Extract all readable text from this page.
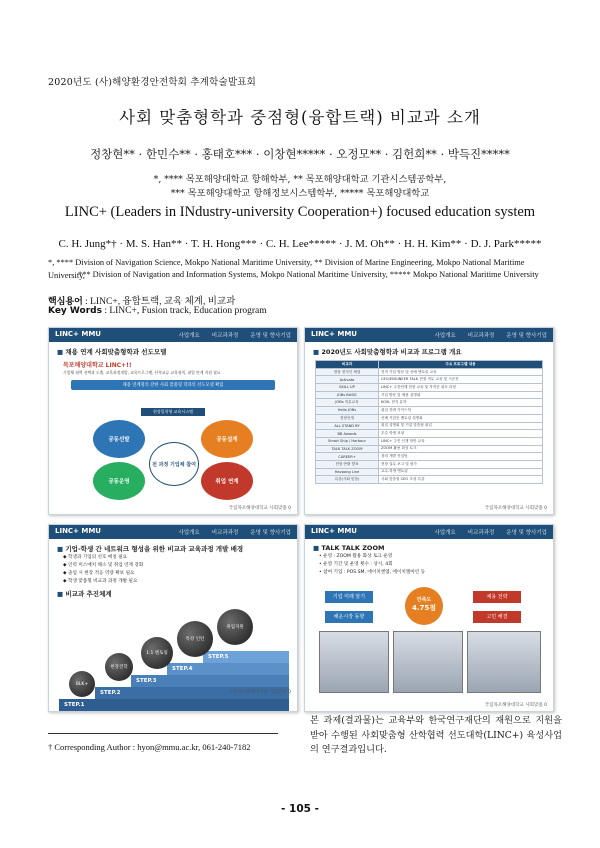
2020년도 (사)해양환경안전학회 추계학술발표회
사회 맞춤형학과 중점형(융합트랙) 비교과 소개
정창현** · 한민수** · 홍태호*** · 이창현***** · 오정모** · 김헌희** · 박득진*****
*, **** 목포해양대학교 항해학부, ** 목포해양대학교 기관시스템공학부,
*** 목포해양대학교 항해정보시스템학부, ***** 목포해양대학교
LINC+ (Leaders in INdustry-university Cooperation+) focused education system
C. H. Jung*† · M. S. Han** · T. H. Hong*** · C. H. Lee***** · J. M. Oh** · H. H. Kim** · D. J. Park*****
*, **** Division of Navigation Science, Mokpo National Maritime University, ** Division of Marine Engineering, Mokpo National Maritime University,
*** Division of Navigation and Information Systems, Mokpo National Maritime University, ***** Mokpo National Maritime University
핵심용어 : LINC+, 융합트랙, 교육 체계, 비교과
Key Words : LINC+, Fusion track, Education program
LINC+ MMU	사업개요 비교과과정 운영 및 향사기업
■ 채용 연계 사회맞춤형학과 선도모델
목포해양대학교 LINC+!!
기업체 협력 선택과 도출, 교육과정개발, 교육프로그램, 산학교류 교육협력, 취업 연계 지원 필요
채용 연계형의 강한 사회 맞춤형 학과의 선도모델 확립
현장밀착형 교육시스템
공동선발	공동설계
공동운영	취업 연계
전 과정 기업체 참여
국립목포해양대학교 사회맞춤 0
LINC+ MMU	사업개요 비교과과정 운영 및 향사기업
■ 2020년도 사회맞춤형학과 비교과 프로그램 개요
비교과	주요 프로그램 내용
현장 현지인 체험	현직 기업 방문 및 선배 멘토링 교육
Activate	CEO/ENGINEER TALK 현장 직무 교육 및 시운전
SKILL UP	LINC+ 주진연계 현장 교육 및 자격증 취득 과정
JOBs BASIC	기업 방문 및 채용 설명회
JOBs 직무교육	KOSL 현지 유학
Hello JOBs	취업 전략 가이드북
현장인재	선배 기업인 멘토링 설명회
ALL STAND BY	취업 설명회 및 기업 맞춤형 취업
BB Awards	우수 학생 표창
Smart Ship / Harbour	LINC+ 주진 인재 항만 교육
TALK TALK ZOOM	ZOOM 활용 화상 토크
CAREER+	경력 개발 컨설팅
현장 반출 발표	현장 실무 보고 및 평가
Havoong Line	교수-학생 멘토링
특강(사회 맞춤)	사회 맞춤형 CEO 초청 특강
국립목포해양대학교 사회맞춤 0
LINC+ MMU	사업개요 비교과과정 운영 및 향사기업
■ 기업-학생 간 네트워크 형성을 위한 비교과 교육과정 개발 배경
◆ 학생과 기업의 선호 매칭 필요
◆ 인력 미스매치 해소 및 취업 연계 강화
◆ 졸업 시 현장 적응 역량 확보 필요
◆ 학생 맞춤형 비교과 과정 개발 필요
■ 비교과 추진체계
STEP.1
STEP.2
STEP.3
STEP.4
STEP.5
BLK+
현장견학
1:1 멘토링
특강 인턴
취업지원
국립목포해양대학교 사회맞춤 0
LINC+ MMU	사업개요 비교과과정 운영 및 향사기업
■ TALK TALK ZOOM
• 운영 : ZOOM 활용 화상 토크 운영
• 운영 기간 및 운영 횟수 : 상시, 4회
• 참여 기업 : POS SM, 에이치엔엠, 에이치엘마린 등
기업 미래 알기	채용 전략
해운시장 동향	고민 해결
만족도
4.75점
국립목포해양대학교 사회맞춤 0
본 과제(결과물)는 교육부와 한국연구재단의 재원으로 지원을 받아 수행된 사회맞춤형 산학협력 선도대학(LINC+) 육성사업의 연구결과입니다.
† Corresponding Author : hyon@mmu.ac.kr, 061-240-7182
- 105 -
